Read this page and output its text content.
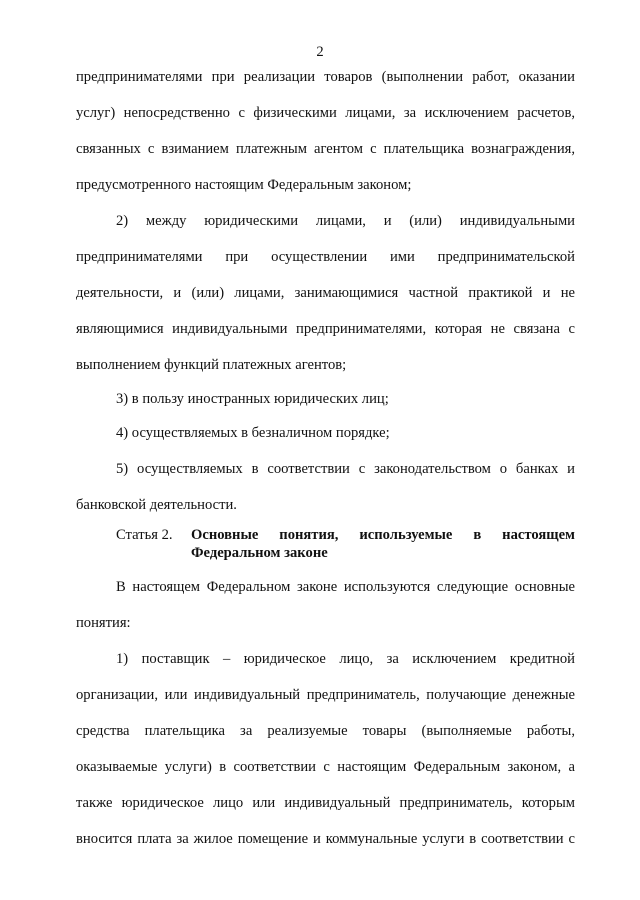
2
предпринимателями при реализации товаров (выполнении работ, оказании
услуг) непосредственно с физическими лицами, за исключением расчетов,
связанных с взиманием платежным агентом с плательщика вознаграждения,
предусмотренного настоящим Федеральным законом;
2) между юридическими лицами, и (или) индивидуальными
предпринимателями при осуществлении ими предпринимательской
деятельности, и (или) лицами, занимающимися частной практикой и не
являющимися индивидуальными предпринимателями, которая не связана с
выполнением функций платежных агентов;
3) в пользу иностранных юридических лиц;
4) осуществляемых в безналичном порядке;
5) осуществляемых в соответствии с законодательством о банках и
банковской деятельности.
Статья 2. Основные понятия, используемые в настоящем
Федеральном законе
В настоящем Федеральном законе используются следующие основные
понятия:
1) поставщик – юридическое лицо, за исключением кредитной
организации, или индивидуальный предприниматель, получающие денежные
средства плательщика за реализуемые товары (выполняемые работы,
оказываемые услуги) в соответствии с настоящим Федеральным законом, а
также юридическое лицо или индивидуальный предприниматель, которым
вносится плата за жилое помещение и коммунальные услуги в соответствии с
